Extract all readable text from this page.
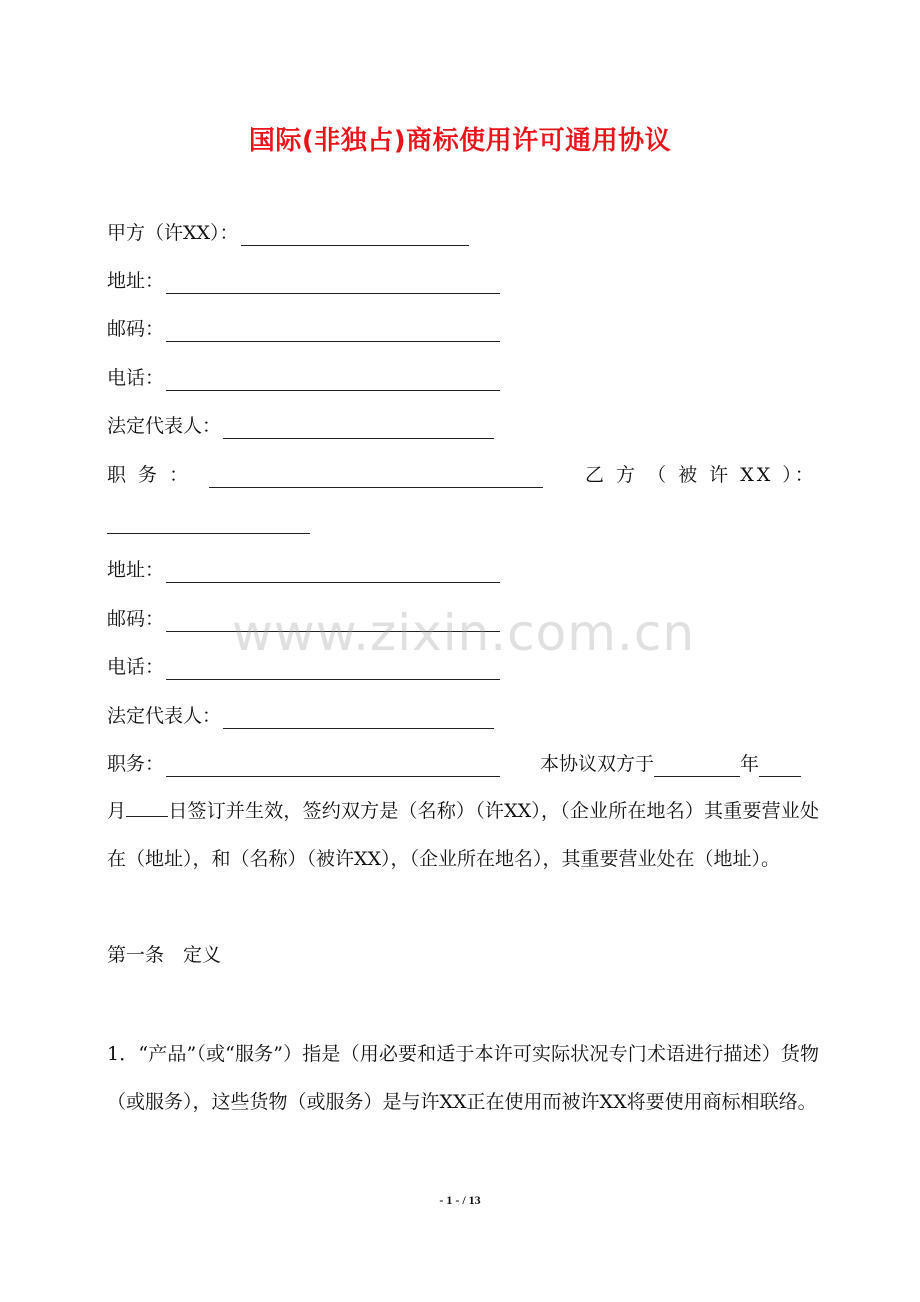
国际(非独占)商标使用许可通用协议
甲方（许XX）：
地址：
邮码：
电话：
法定代表人：
职 务 ：	乙 方 （ 被 许 XX ）：
地址：
邮码：
电话：
法定代表人：
职务：	本协议双方于	年
月 日签订并生效，签约双方是（名称）（许XX），（企业所在地名）其重要营业处在（地址），和（名称）（被许XX），（企业所在地名），其重要营业处在（地址）。
第一条　定义
1．“产品”（或“服务”）指是（用必要和适于本许可实际状况专门术语进行描述）货物（或服务），这些货物（或服务）是与许XX正在使用而被许XX将要使用商标相联络。
www.zixin.com.cn
- 1 - / 13
